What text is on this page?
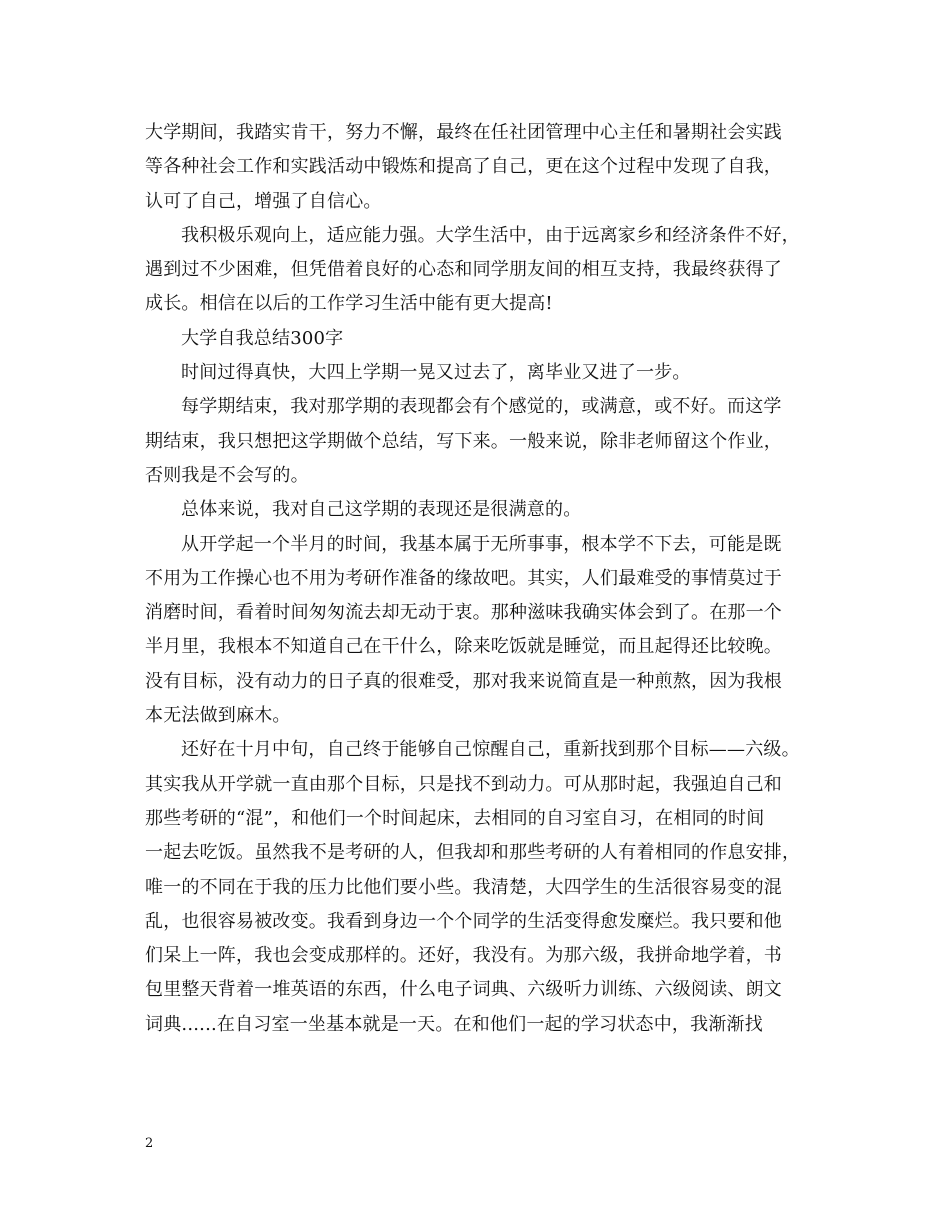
大学期间，我踏实肯干，努力不懈，最终在任社团管理中心主任和暑期社会实践
等各种社会工作和实践活动中锻炼和提高了自己，更在这个过程中发现了自我，
认可了自己，增强了自信心。
我积极乐观向上，适应能力强。大学生活中，由于远离家乡和经济条件不好，
遇到过不少困难，但凭借着良好的心态和同学朋友间的相互支持，我最终获得了
成长。相信在以后的工作学习生活中能有更大提高!
大学自我总结300字
时间过得真快，大四上学期一晃又过去了，离毕业又进了一步。
每学期结束，我对那学期的表现都会有个感觉的，或满意，或不好。而这学
期结束，我只想把这学期做个总结，写下来。一般来说，除非老师留这个作业，
否则我是不会写的。
总体来说，我对自己这学期的表现还是很满意的。
从开学起一个半月的时间，我基本属于无所事事，根本学不下去，可能是既
不用为工作操心也不用为考研作准备的缘故吧。其实，人们最难受的事情莫过于
消磨时间，看着时间匆匆流去却无动于衷。那种滋味我确实体会到了。在那一个
半月里，我根本不知道自己在干什么，除来吃饭就是睡觉，而且起得还比较晚。
没有目标，没有动力的日子真的很难受，那对我来说简直是一种煎熬，因为我根
本无法做到麻木。
还好在十月中旬，自己终于能够自己惊醒自己，重新找到那个目标——六级。
其实我从开学就一直由那个目标，只是找不到动力。可从那时起，我强迫自己和
那些考研的“混”，和他们一个时间起床，去相同的自习室自习，在相同的时间
一起去吃饭。虽然我不是考研的人，但我却和那些考研的人有着相同的作息安排，
唯一的不同在于我的压力比他们要小些。我清楚，大四学生的生活很容易变的混
乱，也很容易被改变。我看到身边一个个同学的生活变得愈发糜烂。我只要和他
们呆上一阵，我也会变成那样的。还好，我没有。为那六级，我拼命地学着，书
包里整天背着一堆英语的东西，什么电子词典、六级听力训练、六级阅读、朗文
词典......在自习室一坐基本就是一天。在和他们一起的学习状态中，我渐渐找
2
